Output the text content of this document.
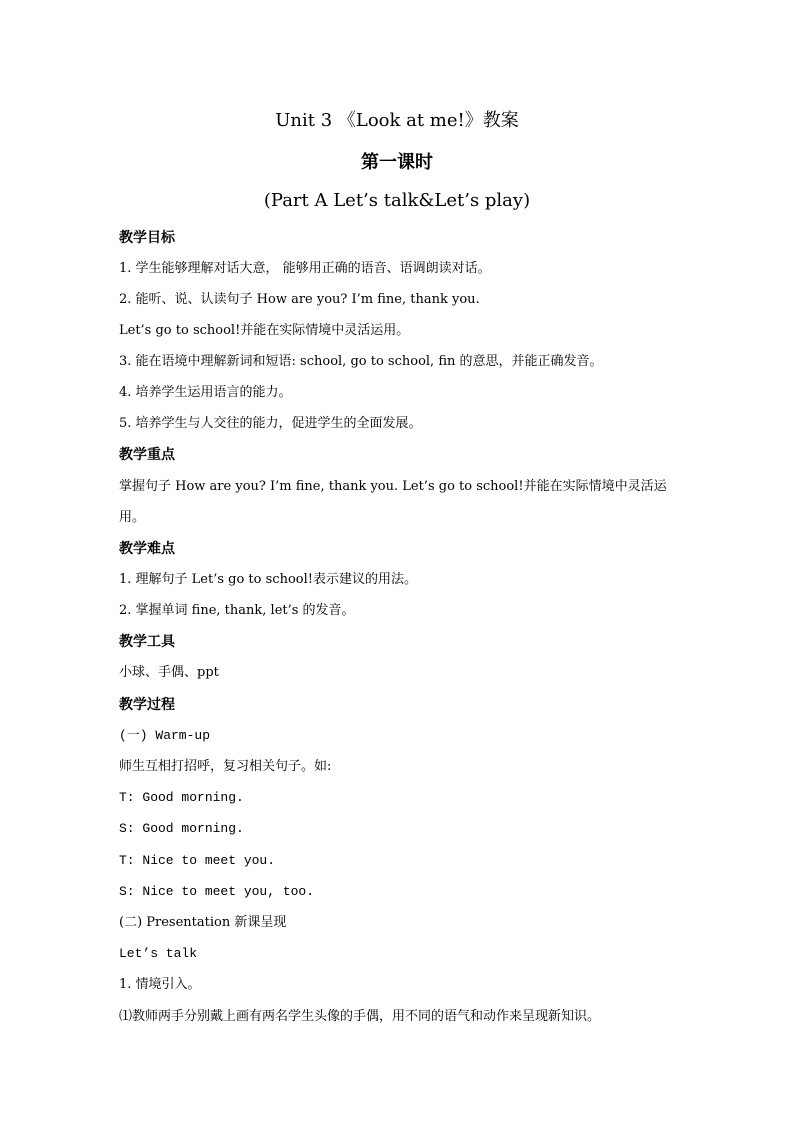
Unit 3 《Look at me!》教案
第一课时
(Part A Let’s talk&Let’s play)
教学目标
1. 学生能够理解对话大意， 能够用正确的语音、语调朗读对话。
2. 能听、说、认读句子 How are you? I’m fine, thank you.
Let’s go to school!并能在实际情境中灵活运用。
3. 能在语境中理解新词和短语: school, go to school, fin 的意思，并能正确发音。
4. 培养学生运用语言的能力。
5. 培养学生与人交往的能力，促进学生的全面发展。
教学重点
掌握句子 How are you? I’m fine, thank you. Let’s go to school!并能在实际情境中灵活运
用。
教学难点
1. 理解句子 Let’s go to school!表示建议的用法。
2. 掌握单词 fine, thank, let’s 的发音。
教学工具
小球、手偶、ppt
教学过程
(一) Warm-up
师生互相打招呼，复习相关句子。如:
T: Good morning.
S: Good morning.
T: Nice to meet you.
S: Nice to meet you, too.
(二) Presentation 新课呈现
Let’s talk
1. 情境引入。
⑴教师两手分别戴上画有两名学生头像的手偶，用不同的语气和动作来呈现新知识。
